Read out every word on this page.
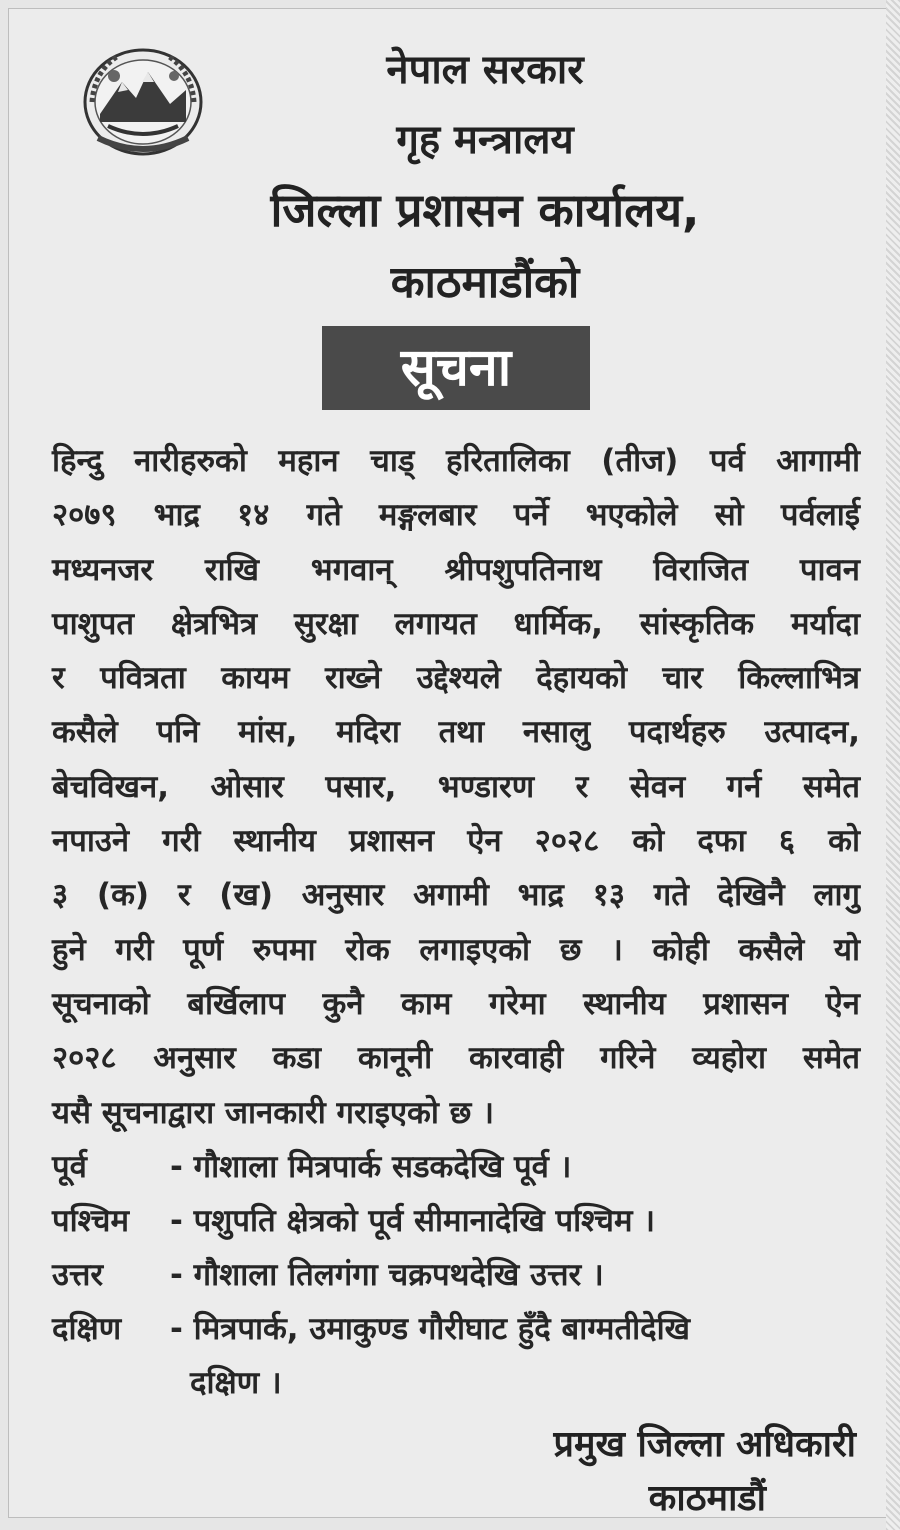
नेपाल सरकार
गृह मन्त्रालय
जिल्ला प्रशासन कार्यालय,
काठमाडौंको
सूचना
हिन्दु नारीहरुको महान चाड् हरितालिका (तीज) पर्व आगामी
२०७९ भाद्र १४ गते मङ्गलबार पर्ने भएकोले सो पर्वलाई
मध्यनजर राखि भगवान् श्रीपशुपतिनाथ विराजित पावन
पाशुपत क्षेत्रभित्र सुरक्षा लगायत धार्मिक, सांस्कृतिक मर्यादा
र पवित्रता कायम राख्ने उद्देश्यले देहायको चार किल्लाभित्र
कसैले पनि मांस, मदिरा तथा नसालु पदार्थहरु उत्पादन,
बेचविखन, ओसार पसार, भण्डारण र सेवन गर्न समेत
नपाउने गरी स्थानीय प्रशासन ऐन २०२८ को दफा ६ को
३ (क) र (ख) अनुसार अगामी भाद्र १३ गते देखिनै लागु
हुने गरी पूर्ण रुपमा रोक लगाइएको छ । कोही कसैले यो
सूचनाको बर्खिलाप कुनै काम गरेमा स्थानीय प्रशासन ऐन
२०२८ अनुसार कडा कानूनी कारवाही गरिने व्यहोरा समेत
यसै सूचनाद्वारा जानकारी गराइएको छ ।
पूर्व	- गौशाला मित्रपार्क सडकदेखि पूर्व ।
पश्चिम - पशुपति क्षेत्रको पूर्व सीमानादेखि पश्चिम ।
उत्तर - गौशाला तिलगंगा चक्रपथदेखि उत्तर ।
दक्षिण - मित्रपार्क, उमाकुण्ड गौरीघाट हुँदै बाग्मतीदेखि
दक्षिण ।
प्रमुख जिल्ला अधिकारी
काठमाडौं
